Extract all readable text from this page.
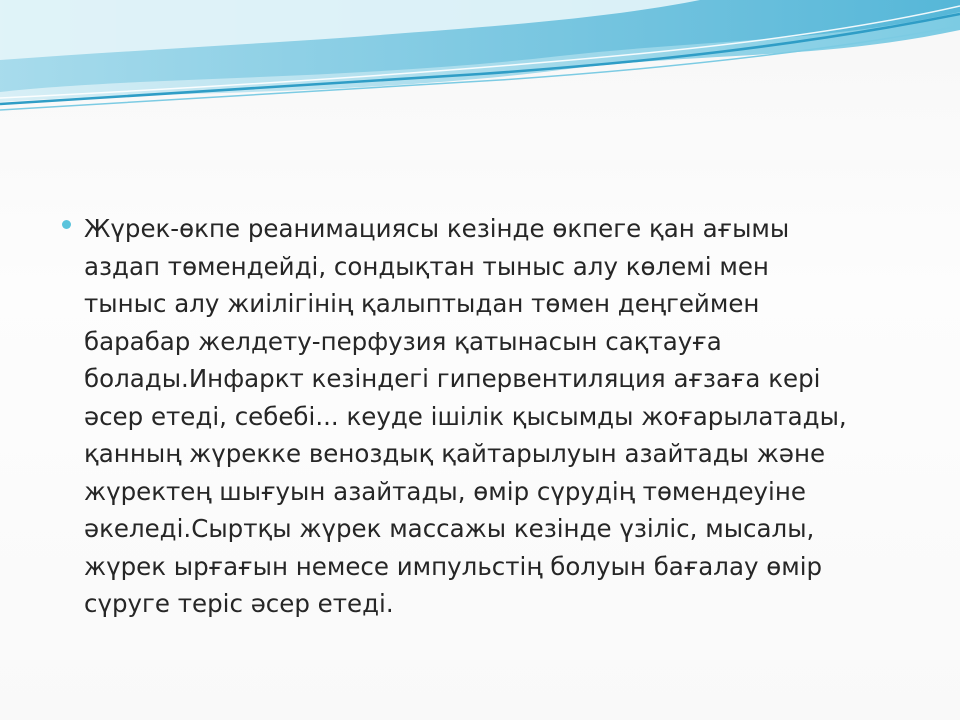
Жүрек-өкпе реанимациясы кезінде өкпеге қан ағымы
аздап төмендейді, сондықтан тыныс алу көлемі мен
тыныс алу жиілігінің қалыптыдан төмен деңгеймен
барабар желдету-перфузия қатынасын сақтауға
болады.Инфаркт кезіндегі гипервентиляция ағзаға кері
әсер етеді, себебі... кеуде ішілік қысымды жоғарылатады,
қанның жүрекке веноздық қайтарылуын азайтады және
жүректең шығуын азайтады, өмір сүрудің төмендеуіне
әкеледі.Сыртқы жүрек массажы кезінде үзіліс, мысалы,
жүрек ырғағын немесе импульстің болуын бағалау өмір
сүруге теріс әсер етеді.
